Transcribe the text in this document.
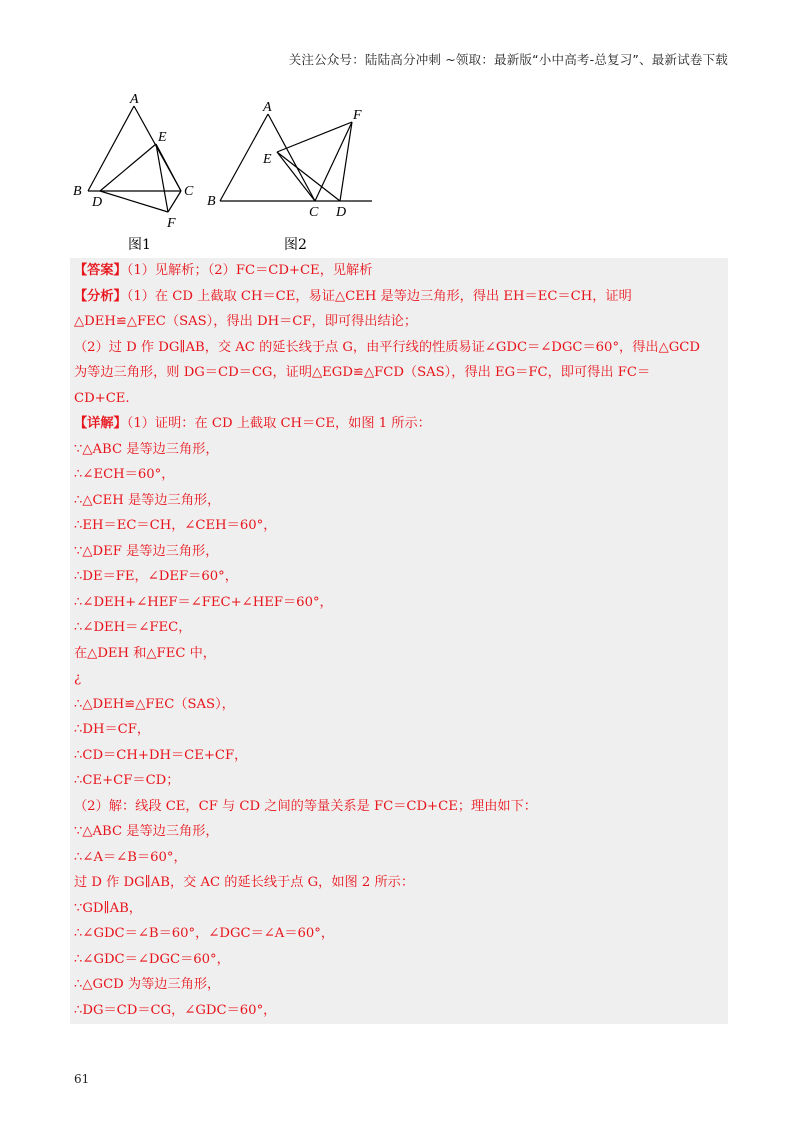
关注公众号：陆陆高分冲刺 ~领取：最新版“小中高考-总复习”、最新试卷下载
A
B	C
D
E
F
A
B
C D
E
F
图1	图2
【答案】（1）见解析；（2）FC＝CD+CE，见解析
【分析】（1）在 CD 上截取 CH＝CE，易证△CEH 是等边三角形，得出 EH＝EC＝CH，证明
△DEH≌△FEC（SAS），得出 DH＝CF，即可得出结论；
（2）过 D 作 DG∥AB，交 AC 的延长线于点 G，由平行线的性质易证∠GDC＝∠DGC＝60°，得出△GCD
为等边三角形，则 DG＝CD＝CG，证明△EGD≌△FCD（SAS），得出 EG＝FC，即可得出 FC＝
CD+CE.
【详解】（1）证明：在 CD 上截取 CH＝CE，如图 1 所示：
∵△ABC 是等边三角形，
∴∠ECH＝60°，
∴△CEH 是等边三角形，
∴EH＝EC＝CH，∠CEH＝60°，
∵△DEF 是等边三角形，
∴DE＝FE，∠DEF＝60°，
∴∠DEH+∠HEF＝∠FEC+∠HEF＝60°，
∴∠DEH＝∠FEC，
在△DEH 和△FEC 中，
¿
∴△DEH≌△FEC（SAS），
∴DH＝CF，
∴CD＝CH+DH＝CE+CF，
∴CE+CF＝CD；
（2）解：线段 CE，CF 与 CD 之间的等量关系是 FC＝CD+CE；理由如下：
∵△ABC 是等边三角形，
∴∠A＝∠B＝60°，
过 D 作 DG∥AB，交 AC 的延长线于点 G，如图 2 所示：
∵GD∥AB，
∴∠GDC＝∠B＝60°，∠DGC＝∠A＝60°，
∴∠GDC＝∠DGC＝60°，
∴△GCD 为等边三角形，
∴DG＝CD＝CG，∠GDC＝60°，
61
